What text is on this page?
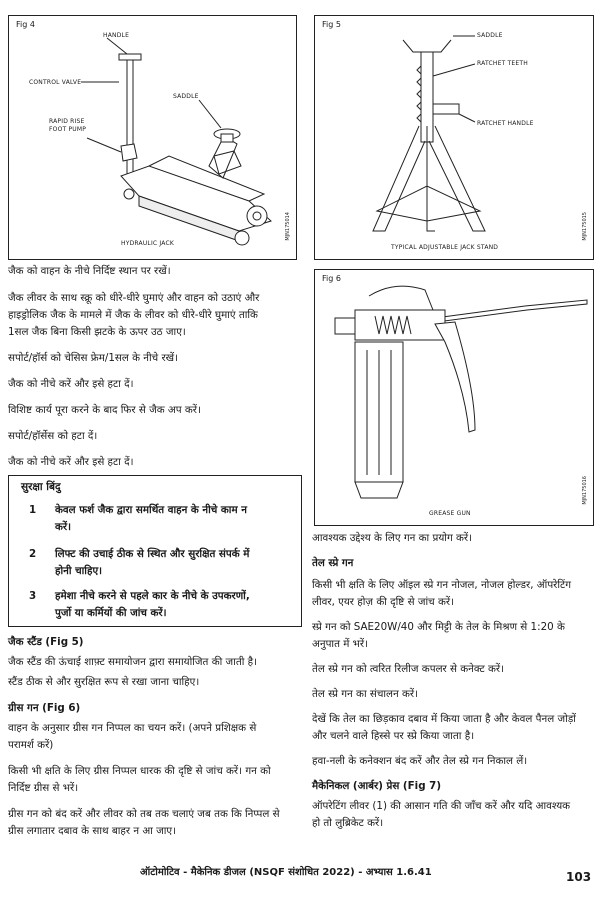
Fig 4
HANDLE
CONTROL VALVE
SADDLE
RAPID RISE
FOOT PUMP
HYDRAULIC JACK
MJN175014
Fig 5
SADDLE
RATCHET TEETH
RATCHET HANDLE
TYPICAL ADJUSTABLE JACK STAND
MJN175015
Fig 6
GREASE GUN
MJN175016

जैक को वाहन के नीचे निर्दिष्ट स्थान पर रखें।

जैक लीवर के साथ स्क्रू को धीरे-धीरे घुमाएं और वाहन को उठाएं और

हाइड्रोलिक जैक के मामले में जैक के लीवर को धीरे-धीरे घुमाएं ताकि

1सल जैक बिना किसी झटके के ऊपर उठ जाए।

सपोर्ट/हॉर्स को चेसिस फ्रेम/1सल के नीचे रखें।

जैक को नीचे करें और इसे हटा दें।

विशिष्ट कार्य पूरा करने के बाद फिर से जैक अप करें।

सपोर्ट/हॉर्सेस को हटा दें।

जैक को नीचे करें और इसे हटा दें।

सुरक्षा बिंदु
1 केवल फर्श जैक द्वारा समर्थित वाहन के नीचे काम न
करें।
2 लिफ्ट की उचाई ठीक से स्थित और सुरक्षित संपर्क में
होनी चाहिए।
3 हमेशा नीचे करने से पहले कार के नीचे के उपकरणों,
पुर्जो या कर्मियों की जांच करें।

जैक स्टैंड (Fig 5)

जैक स्टैंड की ऊंचाई शाफ़्ट समायोजन द्वारा समायोजित की जाती है।

स्टैंड ठीक से और सुरक्षित रूप से रखा जाना चाहिए।

ग्रीस गन (Fig 6)

वाहन के अनुसार ग्रीस गन निप्पल का चयन करें। (अपने प्रशिक्षक से

परामर्श करें)

किसी भी क्षति के लिए ग्रीस निप्पल धारक की दृष्टि से जांच करें। गन को

निर्दिष्ट ग्रीस से भरें।

ग्रीस गन को बंद करें और लीवर को तब तक चलाएं जब तक कि निप्पल से

ग्रीस लगातार दबाव के साथ बाहर न आ जाए।

आवश्यक उद्देश्य के लिए गन का प्रयोग करें।

तेल स्प्रे गन

किसी भी क्षति के लिए ऑइल स्प्रे गन नोजल, नोजल होल्डर, ऑपरेटिंग

लीवर, एयर होज़ की दृष्टि से जांच करें।

स्प्रे गन को SAE20W/40 और मिट्टी के तेल के मिश्रण से 1:20 के

अनुपात में भरें।

तेल स्प्रे गन को त्वरित रिलीज कपलर से कनेक्ट करें।

तेल स्प्रे गन का संचालन करें।

देखें कि तेल का छिड़काव दबाव में किया जाता है और केवल पैनल जोड़ों

और चलने वाले हिस्से पर स्प्रे किया जाता है।

हवा-नली के कनेक्शन बंद करें और तेल स्प्रे गन निकाल लें।

मैकेनिकल (आर्बर) प्रेस (Fig 7)

ऑपरेटिंग लीवर (1) की आसान गति की जाँच करें और यदि आवश्यक

हो तो लुब्रिकेट करें।

ऑटोमोटिव - मैकेनिक डीजल (NSQF संशोधित 2022) - अभ्यास 1.6.41	103
